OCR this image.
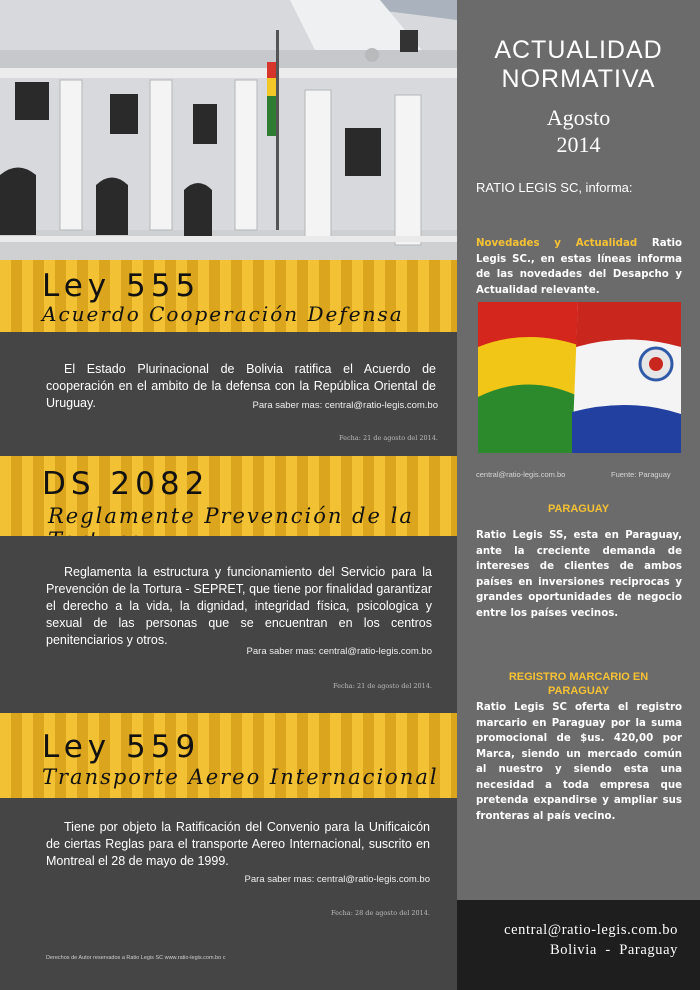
Ley 555
Acuerdo Cooperación Defensa

El Estado Plurinacional de Bolivia ratifica el Acuerdo de cooperación en el ambito de la defensa con la República Oriental de Uruguay.	Para saber mas: central@ratio-legis.com.bo
Fecha: 21 de agosto del 2014.
DS 2082
Reglamente Prevención de la

Reglamenta la estructura y funcionamiento del Servicio para la Prevención de la Tortura - SEPRET, que tiene por finalidad garantizar el derecho a la vida, la dignidad, integridad física, psicologica y sexual de las personas que se encuentran en los centros penitenciarios y otros.

Para saber mas: central@ratio-legis.com.bo
Fecha: 21 de agosto del 2014.
Ley 559
Transporte Aereo Internacional

Tiene por objeto la Ratificación del Convenio para la Unificaicón de ciertas Reglas para el transporte Aereo Internacional, suscrito en Montreal el 28 de mayo de 1999.

Para saber mas: central@ratio-legis.com.bo
Fecha: 28 de agosto del 2014.
Derechos de Autor reservados a Ratio Legis SC www.ratio-legis.com.bo c
ACTUALIDAD
NORMATIVA
Agosto
2014
RATIO LEGIS SC, informa:
Novedades y Actualidad Ratio Legis SC., en estas líneas informa de las novedades del Desapcho y Actualidad relevante.
central@ratio-legis.com.bo	Fuente: Paraguay
PARAGUAY
Ratio Legis SS, esta en Paraguay, ante la creciente demanda de intereses de clientes de ambos países en inversiones reciprocas y grandes oportunidades de negocio entre los países vecinos.
REGISTRO MARCARIO EN
PARAGUAY
Ratio Legis SC oferta el registro marcario en Paraguay por la suma promocional de $us. 420,00 por Marca, siendo un mercado común al nuestro y siendo esta una necesidad a toda empresa que pretenda expandirse y ampliar sus fronteras al país vecino.
central@ratio-legis.com.bo
Bolivia  -  Paraguay
